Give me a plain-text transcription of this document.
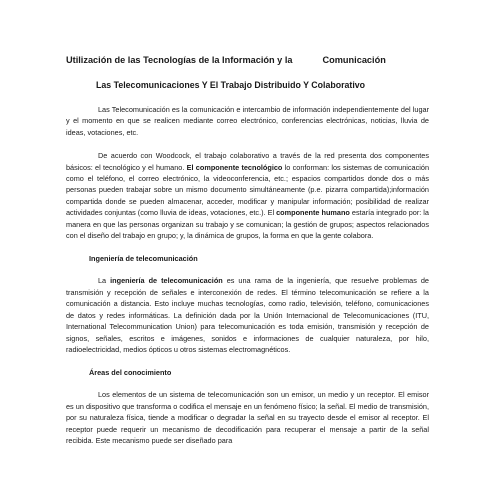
Utilización de las Tecnologías de la Información y la	Comunicación
Las Telecomunicaciones Y El Trabajo Distribuido Y Colaborativo

Las Telecomunicación es la comunicación e intercambio de información independientemente del lugar y el momento en que se realicen mediante correo electrónico, conferencias electrónicas, noticias, lluvia de ideas, votaciones, etc.

De acuerdo con Woodcock, el trabajo colaborativo a través de la red presenta dos componentes básicos: el tecnológico y el humano. El componente tecnológico lo conforman: los sistemas de comunicación como el teléfono, el correo electrónico, la videoconferencia, etc.; espacios compartidos donde dos o más personas pueden trabajar sobre un mismo documento simultáneamente (p.e. pizarra compartida);información compartida donde se pueden almacenar, acceder, modificar y manipular información; posibilidad de realizar actividades conjuntas (como lluvia de ideas, votaciones, etc.). El componente humano estaría integrado por: la manera en que las personas organizan su trabajo y se comunican; la gestión de grupos; aspectos relacionados con el diseño del trabajo en grupo; y, la dinámica de grupos, la forma en que la gente colabora.

Ingeniería de telecomunicación

La ingeniería de telecomunicación es una rama de la ingeniería, que resuelve problemas de transmisión y recepción de señales e interconexión de redes. El término telecomunicación se refiere a la comunicación a distancia. Esto incluye muchas tecnologías, como radio, televisión, teléfono, comunicaciones de datos y redes informáticas. La definición dada por la Unión Internacional de Telecomunicaciones (ITU, International Telecommunication Union) para telecomunicación es toda emisión, transmisión y recepción de signos, señales, escritos e imágenes, sonidos e informaciones de cualquier naturaleza, por hilo, radioelectricidad, medios ópticos u otros sistemas electromagnéticos.

Áreas del conocimiento

Los elementos de un sistema de telecomunicación son un emisor, un medio y un receptor. El emisor es un dispositivo que transforma o codifica el mensaje en un fenómeno físico; la señal. El medio de transmisión, por su naturaleza física, tiende a modificar o degradar la señal en su trayecto desde el emisor al receptor. El receptor puede requerir un mecanismo de decodificación para recuperar el mensaje a partir de la señal recibida. Este mecanismo puede ser diseñado para
